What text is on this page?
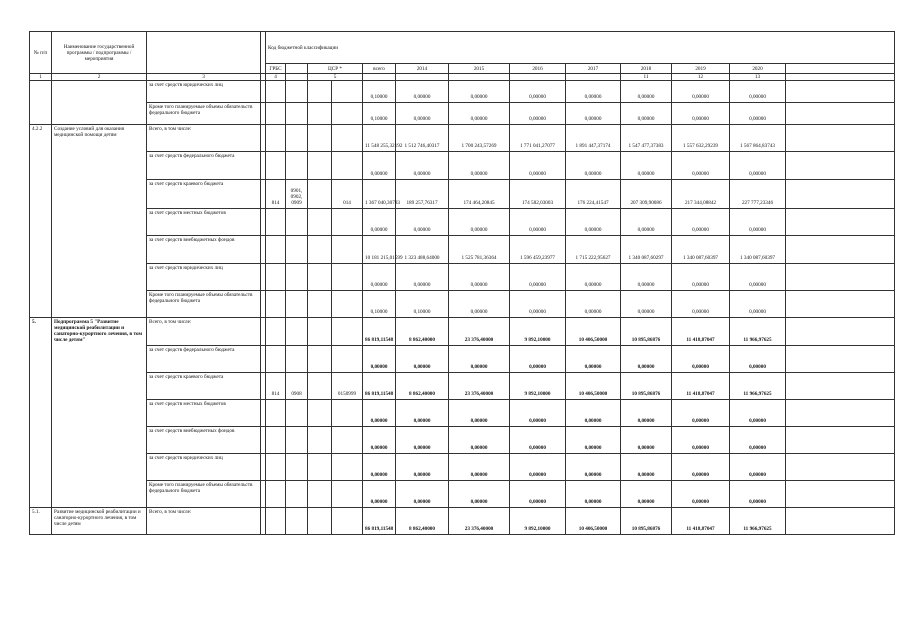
№ п/п	Наименование государственной программы / подпрограммы / мероприятия			Код бюджетной классификации												
				ГРБС		ЦСР *		всего	2014	2015	2016	2017	2018	2019	2020	
1	2	3		4		5							11	12	13	
		за счет средств юридических лиц						0,10000	0,00000	0,00000	0,00000	0,00000	0,00000	0,00000	0,00000	
		Кроме того планируемые объемы обязательств федерального бюджета						0,10000	0,00000	0,00000	0,00000	0,00000	0,00000	0,00000	0,00000	
4.2.2	Создание условий для оказания медицинской помощи детям	Всего, в том числе:						11 548 255,32192	1 512 746,40317	1 700 243,57269	1 771 041,27077	1 891 447,37174	1 547 477,37383	1 557 632,29239	1 567 864,83743	
		за счет средств федерального бюджета						0,00000	0,00000	0,00000	0,00000	0,00000	0,00000	0,00000	0,00000	
		за счет средств краевого бюджета		814	0901, 0902, 0909		014	1 367 040,30783	189 257,76317	174 464,20845	174 582,03003	176 224,41547	207 309,90086	217 344,08842	227 777,23346	
		за счет средств местных бюджетов						0,00000	0,00000	0,00000	0,00000	0,00000	0,00000	0,00000	0,00000	
		за счет средств внебюджетных фондов						10 181 215,01599	1 323 488,64000	1 525 781,36364	1 596 459,23977	1 715 222,95627	1 340 087,60297	1 340 087,60397	1 340 087,60397	
		за счет средств юридических лиц						0,00000	0,00000	0,00000	0,00000	0,00000	0,00000	0,00000	0,00000	
		Кроме того планируемые объемы обязательств федерального бюджета						0,10000	0,10000	0,00000	0,00000	0,00000	0,00000	0,00000	0,00000	
5.	Подпрограмма 5 "Развитие медицинской реабилитации и санаторно-курортного лечения, в том числе детям"	Всего, в том числе:						86 819,11548	8 862,40000	23 376,40000	9 892,10000	10 406,50000	10 895,86876	11 418,87047	11 966,97625	
		за счет средств федерального бюджета						0,00000	0,00000	0,00000	0,00000	0,00000	0,00000	0,00000	0,00000	
		за счет средств краевого бюджета		814	0908		0150999	86 819,11548	8 862,40000	23 376,40000	9 892,10000	10 406,50000	10 895,86876	11 418,87047	11 966,97625	
		за счет средств местных бюджетов						0,00000	0,00000	0,00000	0,00000	0,00000	0,00000	0,00000	0,00000	
		за счет средств внебюджетных фондов						0,00000	0,00000	0,00000	0,00000	0,00000	0,00000	0,00000	0,00000	
		за счет средств юридических лиц						0,00000	0,00000	0,00000	0,00000	0,00000	0,00000	0,00000	0,00000	
		Кроме того планируемые объемы обязательств федерального бюджета						0,00000	0,00000	0,00000	0,00000	0,00000	0,00000	0,00000	0,00000	
5.1.	Развитие медицинской реабилитации и санаторно-курортного лечения, в том числе детям	Всего, в том числе:						86 819,11548	8 862,40000	23 376,40000	9 892,10000	10 406,50000	10 895,86876	11 418,87047	11 966,97625	
